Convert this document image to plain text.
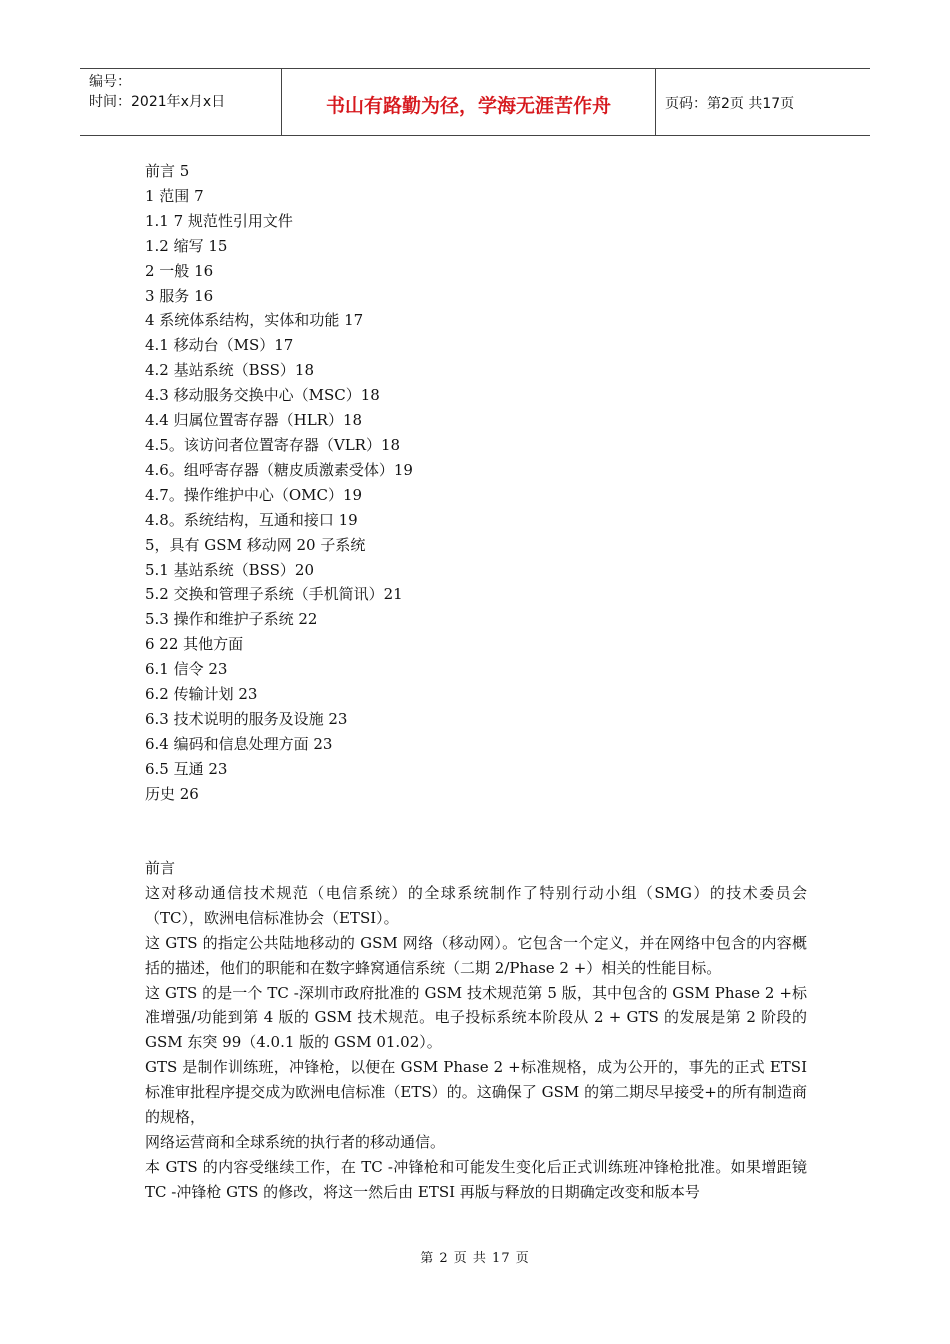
编号：
时间：2021年x月x日	书山有路勤为径，学海无涯苦作舟	页码：第2页 共17页
前言 5
1 范围 7
1.1 7 规范性引用文件
1.2 缩写 15
2 一般 16
3 服务 16
4 系统体系结构，实体和功能 17
4.1 移动台（MS）17
4.2 基站系统（BSS）18
4.3 移动服务交换中心（MSC）18
4.4 归属位置寄存器（HLR）18
4.5。该访问者位置寄存器（VLR）18
4.6。组呼寄存器（糖皮质激素受体）19
4.7。操作维护中心（OMC）19
4.8。系统结构，互通和接口 19
5，具有 GSM 移动网 20 子系统
5.1 基站系统（BSS）20
5.2 交换和管理子系统（手机简讯）21
5.3 操作和维护子系统 22
6 22 其他方面
6.1 信令 23
6.2 传输计划 23
6.3 技术说明的服务及设施 23
6.4 编码和信息处理方面 23
6.5 互通 23
历史 26

前言

这对移动通信技术规范（电信系统）的全球系统制作了特别行动小组（SMG）的技术委员会（TC），欧洲电信标准协会（ETSI）。

这 GTS 的指定公共陆地移动的 GSM 网络（移动网）。它包含一个定义，并在网络中包含的内容概括的描述，他们的职能和在数字蜂窝通信系统（二期 2/Phase 2 +）相关的性能目标。

这 GTS 的是一个 TC -深圳市政府批准的 GSM 技术规范第 5 版，其中包含的 GSM Phase 2 +标准增强/功能到第 4 版的 GSM 技术规范。电子投标系统本阶段从 2 + GTS 的发展是第 2 阶段的 GSM 东突 99（4.0.1 版的 GSM 01.02）。

GTS 是制作训练班，冲锋枪，以便在 GSM Phase 2 +标准规格，成为公开的，事先的正式 ETSI 标准审批程序提交成为欧洲电信标准（ETS）的。这确保了 GSM 的第二期尽早接受+的所有制造商的规格，

网络运营商和全球系统的执行者的移动通信。

本 GTS 的内容受继续工作，在 TC -冲锋枪和可能发生变化后正式训练班冲锋枪批准。如果增距镜 TC -冲锋枪 GTS 的修改，将这一然后由 ETSI 再版与释放的日期确定改变和版本号

第 2 页 共 17 页
